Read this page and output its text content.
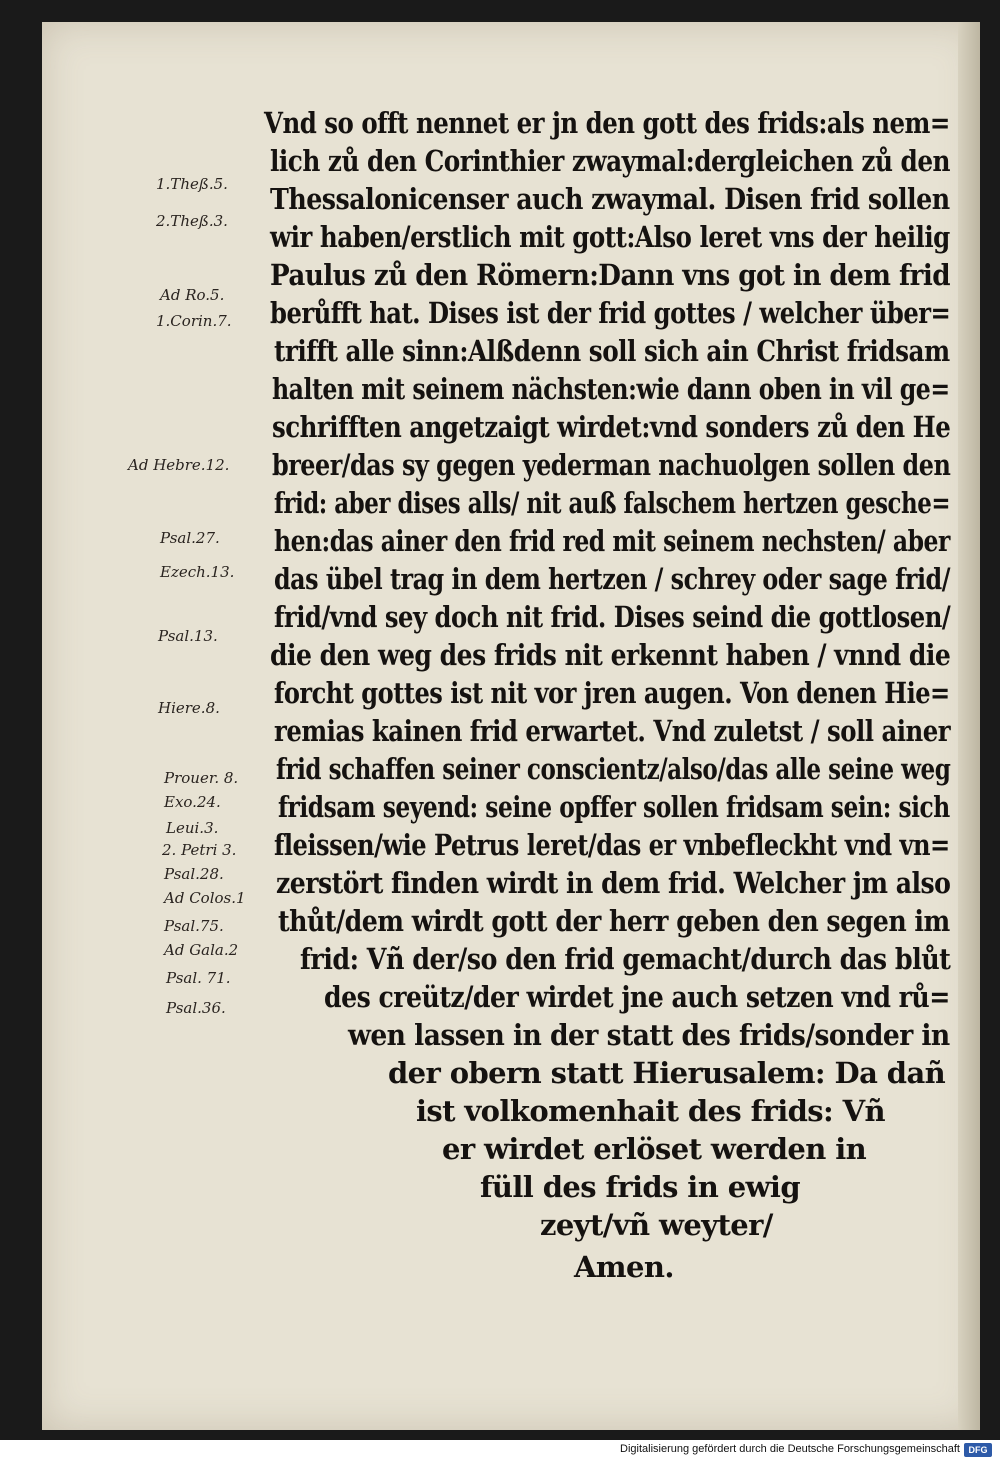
Vnd so offt nennet er jn den gott des frids:als nem=
lich zů den Corinthier zwaymal:dergleichen zů den
Thessalonicenser auch zwaymal. Disen frid sollen
wir haben/erstlich mit gott:Also leret vns der heilig
Paulus zů den Römern:Dann vns got in dem frid
berůfft hat. Dises ist der frid gottes / welcher über=
trifft alle sinn:Alßdenn soll sich ain Christ fridsam
halten mit seinem nächsten:wie dann oben in vil ge=
schrifften angetzaigt wirdet:vnd sonders zů den He
breer/das sy gegen yederman nachuolgen sollen den
frid: aber dises alls/ nit auß falschem hertzen gesche=
hen:das ainer den frid red mit seinem nechsten/ aber
das übel trag in dem hertzen / schrey oder sage frid/
frid/vnd sey doch nit frid. Dises seind die gottlosen/
die den weg des frids nit erkennt haben / vnnd die
forcht gottes ist nit vor jren augen. Von denen Hie=
remias kainen frid erwartet. Vnd zuletst / soll ainer
frid schaffen seiner conscientz/also/das alle seine weg
fridsam seyend: seine opffer sollen fridsam sein: sich
fleissen/wie Petrus leret/das er vnbefleckht vnd vn=
zerstört finden wirdt in dem frid. Welcher jm also
thůt/dem wirdt gott der herr geben den segen im
frid: Vñ der/so den frid gemacht/durch das blůt
des creütz/der wirdet jne auch setzen vnd rů=
wen lassen in der statt des frids/sonder in
der obern statt Hierusalem: Da dañ
ist volkomenhait des frids: Vñ
er wirdet erlöset werden in
füll des frids in ewig
zeyt/vñ weyter/
Amen.
1.Theß.5.
2.Theß.3.
Ad Ro.5.
1.Corin.7.
Ad Hebre.12.
Psal.27.
Ezech.13.
Psal.13.
Hiere.8.
Prouer. 8.
Exo.24.
Leui.3.
2. Petri 3.
Psal.28.
Ad Colos.1
Psal.75.
Ad Gala.2
Psal. 71.
Psal.36.
Digitalisierung gefördert durch die Deutsche Forschungsgemeinschaft DFG
